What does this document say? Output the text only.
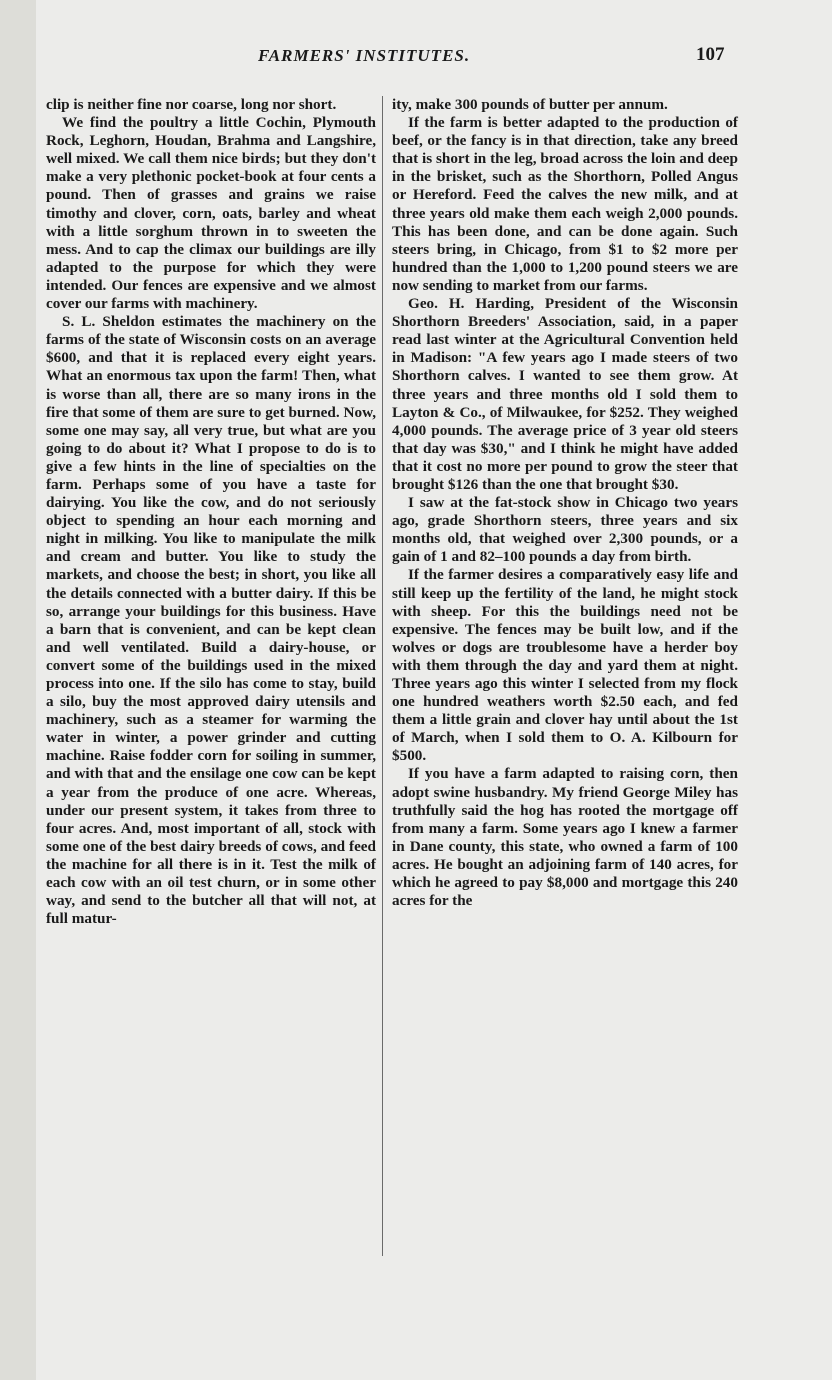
FARMERS' INSTITUTES.	107

clip is neither fine nor coarse, long nor short.

We find the poultry a little Cochin, Plymouth Rock, Leghorn, Houdan, Brahma and Langshire, well mixed. We call them nice birds; but they don't make a very plethonic pocket-book at four cents a pound. Then of grasses and grains we raise timothy and clover, corn, oats, barley and wheat with a little sorghum thrown in to sweeten the mess. And to cap the climax our buildings are illy adapted to the purpose for which they were intended. Our fences are expensive and we almost cover our farms with machinery.

S. L. Sheldon estimates the machinery on the farms of the state of Wisconsin costs on an average $600, and that it is replaced every eight years. What an enormous tax upon the farm! Then, what is worse than all, there are so many irons in the fire that some of them are sure to get burned. Now, some one may say, all very true, but what are you going to do about it? What I propose to do is to give a few hints in the line of specialties on the farm. Perhaps some of you have a taste for dairying. You like the cow, and do not seriously object to spending an hour each morning and night in milking. You like to manipulate the milk and cream and butter. You like to study the markets, and choose the best; in short, you like all the details connected with a butter dairy. If this be so, arrange your buildings for this business. Have a barn that is convenient, and can be kept clean and well ventilated. Build a dairy-house, or convert some of the buildings used in the mixed process into one. If the silo has come to stay, build a silo, buy the most approved dairy utensils and machinery, such as a steamer for warming the water in winter, a power grinder and cutting machine. Raise fodder corn for soiling in summer, and with that and the ensilage one cow can be kept a year from the produce of one acre. Whereas, under our present system, it takes from three to four acres. And, most important of all, stock with some one of the best dairy breeds of cows, and feed the machine for all there is in it. Test the milk of each cow with an oil test churn, or in some other way, and send to the butcher all that will not, at full matur-

ity, make 300 pounds of butter per annum.

If the farm is better adapted to the production of beef, or the fancy is in that direction, take any breed that is short in the leg, broad across the loin and deep in the brisket, such as the Shorthorn, Polled Angus or Hereford. Feed the calves the new milk, and at three years old make them each weigh 2,000 pounds. This has been done, and can be done again. Such steers bring, in Chicago, from $1 to $2 more per hundred than the 1,000 to 1,200 pound steers we are now sending to market from our farms.

Geo. H. Harding, President of the Wisconsin Shorthorn Breeders' Association, said, in a paper read last winter at the Agricultural Convention held in Madison: "A few years ago I made steers of two Shorthorn calves. I wanted to see them grow. At three years and three months old I sold them to Layton & Co., of Milwaukee, for $252. They weighed 4,000 pounds. The average price of 3 year old steers that day was $30," and I think he might have added that it cost no more per pound to grow the steer that brought $126 than the one that brought $30.

I saw at the fat-stock show in Chicago two years ago, grade Shorthorn steers, three years and six months old, that weighed over 2,300 pounds, or a gain of 1 and 82–100 pounds a day from birth.

If the farmer desires a comparatively easy life and still keep up the fertility of the land, he might stock with sheep. For this the buildings need not be expensive. The fences may be built low, and if the wolves or dogs are troublesome have a herder boy with them through the day and yard them at night. Three years ago this winter I selected from my flock one hundred weathers worth $2.50 each, and fed them a little grain and clover hay until about the 1st of March, when I sold them to O. A. Kilbourn for $500.

If you have a farm adapted to raising corn, then adopt swine husbandry. My friend George Miley has truthfully said the hog has rooted the mortgage off from many a farm. Some years ago I knew a farmer in Dane county, this state, who owned a farm of 100 acres. He bought an adjoining farm of 140 acres, for which he agreed to pay $8,000 and mortgage this 240 acres for the
